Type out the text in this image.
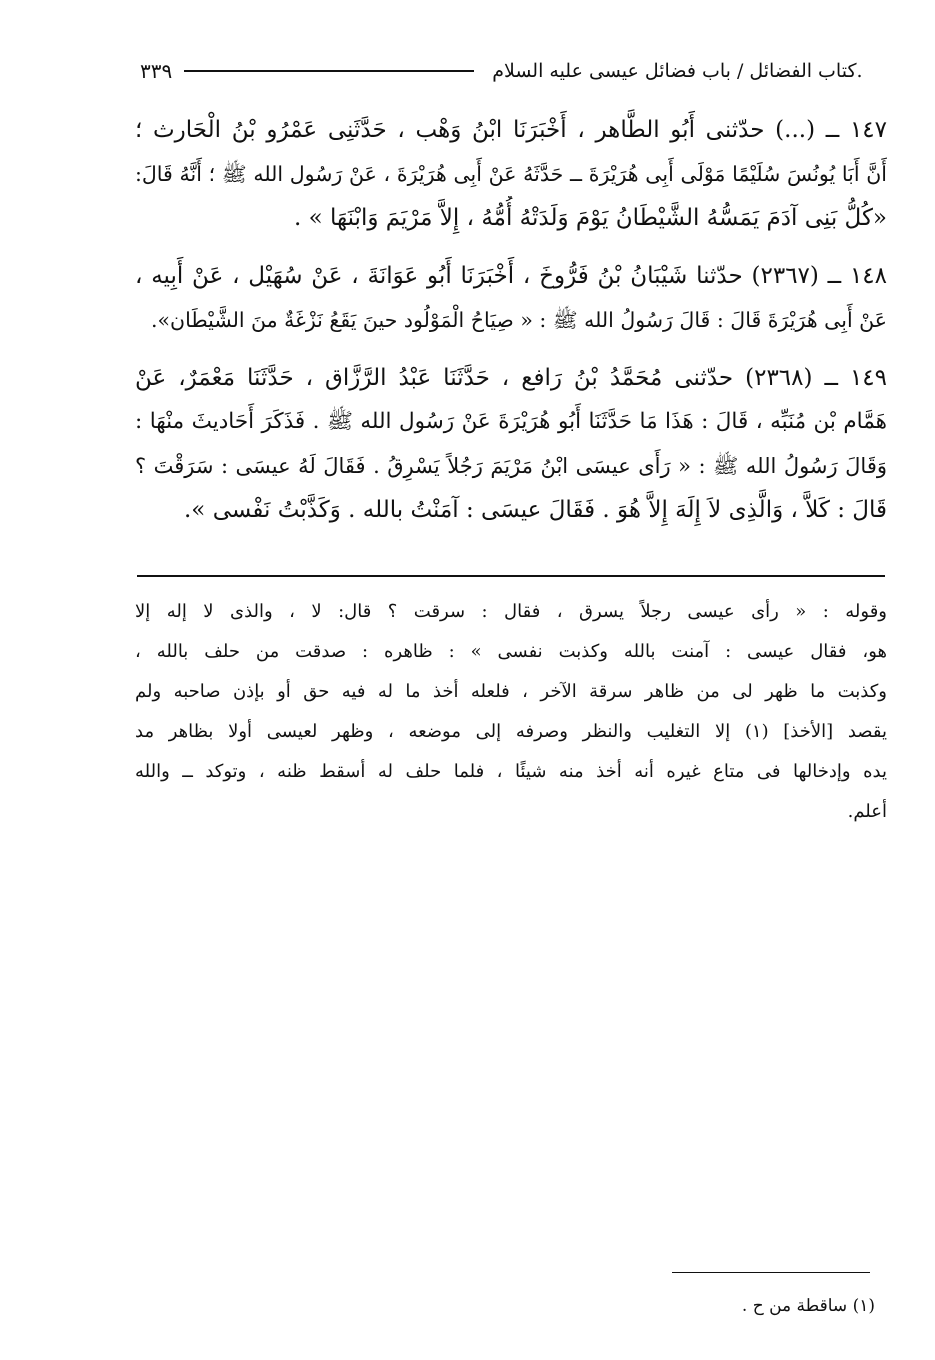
٣٣٩	.كتاب الفضائل / باب فضائل عيسى عليه السلام
١٤٧ ــ (...) حدّثنى أَبُو الطَّاهر ، أَخْبَرَنَا ابْنُ وَهْب ، حَدَّثَنِى عَمْرُو بْنُ الْحَارث ؛
أَنَّ أَبَا يُونُسَ سُلَيْمًا مَوْلَى أَبِى هُرَيْرَةَ ــ حَدَّثَهُ عَنْ أَبِى هُرَيْرَةَ ، عَنْ رَسُول الله ﷺ ؛ أَنَّهُ قَالَ:
«كُلُّ بَنِى آدَمَ يَمَسُّهُ الشَّيْطَانُ يَوْمَ وَلَدَتْهُ أُمُّهُ ، إِلاَّ مَرْيَمَ وَابْنَهَا » .
١٤٨ ــ (٢٣٦٧) حدّثنا شَيْبَانُ بْنُ فَرُّوخَ ، أَخْبَرَنَا أَبُو عَوَانَةَ ، عَنْ سُهَيْل ، عَنْ أَبِيه ،
عَنْ أَبِى هُرَيْرَةَ قَالَ : قَالَ رَسُولُ الله ﷺ : « صِيَاحُ الْمَوْلُود حينَ يَقَعُ نَزْغَةٌ منَ الشَّيْطَان».
١٤٩ ــ (٢٣٦٨) حدّثنى مُحَمَّدُ بْنُ رَافع ، حَدَّثَنَا عَبْدُ الرَّزَّاق ، حَدَّثَنَا مَعْمَرٌ، عَنْ
هَمَّام بْن مُنَبِّه ، قَالَ : هَذَا مَا حَدَّثَنَا أَبُو هُرَيْرَةَ عَنْ رَسُول الله ﷺ . فَذَكَرَ أَحَاديثَ منْهَا :
وَقَالَ رَسُولُ الله ﷺ : « رَأَى عيسَى ابْنُ مَرْيَمَ رَجُلاً يَسْرِقُ . فَقَالَ لَهُ عيسَى : سَرَقْتَ ؟
قَالَ : كَلاَّ ، وَالَّذِى لاَ إِلَهَ إِلاَّ هُوَ . فَقَالَ عيسَى : آمَنْتُ بالله . وَكَذَّبْتُ نَفْسى ».
وقوله : « رأى عيسى رجلاً يسرق ، فقال : سرقت ؟ قال: لا ، والذى لا إله إلا
هو، فقال عيسى : آمنت بالله وكذبت نفسى » : ظاهره : صدقت من حلف بالله ،
وكذبت ما ظهر لى من ظاهر سرقة الآخر ، فلعله أخذ ما له فيه حق أو بإذن صاحبه ولم
يقصد [الأخذ] (١) إلا التغليب والنظر وصرفه إلى موضعه ، وظهر لعيسى أولا بظاهر مد
يده وإدخالها فى متاع غيره أنه أخذ منه شيئًا ، فلما حلف له أسقط ظنه ، وتوكد ــ والله
أعلم.
(١) ساقطة من ح .
